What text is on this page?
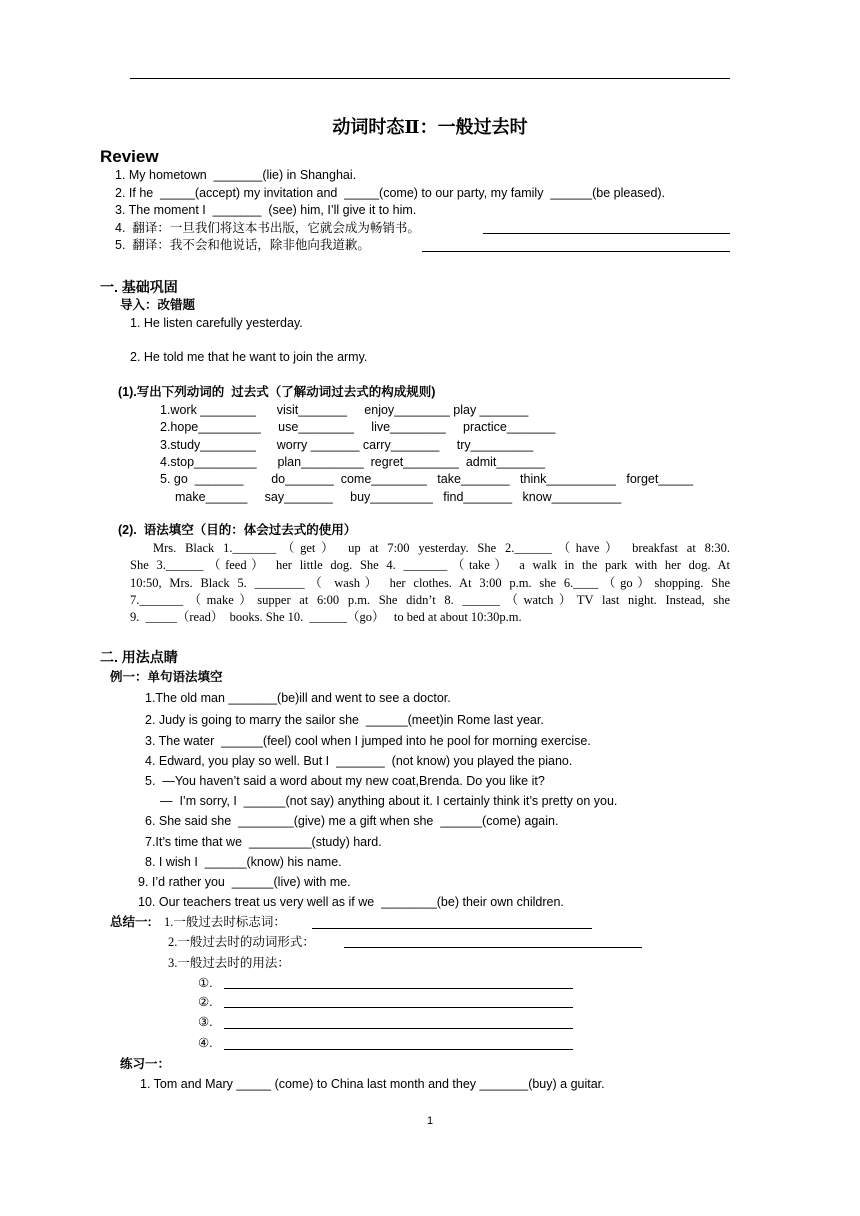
动词时态Ⅱ：一般过去时
Review
1. My hometown  _______(lie) in Shanghai.
2. If he  _____(accept) my invitation and  _____(come) to our party, my family  ______(be pleased).
3. The moment I  _______  (see) him, I’ll give it to him.
4.  翻译：一旦我们将这本书出版，它就会成为畅销书。
5.  翻译：我不会和他说话，除非他向我道歉。
一. 基础巩固
导入：改错题
1. He listen carefully yesterday.
2. He told me that he want to join the army.
(1).写出下列动词的  过去式（了解动词过去式的构成规则)
1.work ________      visit_______     enjoy________ play _______
2.hope_________     use________     live________     practice_______
3.study________      worry _______ carry_______     try_________
4.stop_________      plan_________  regret________  admit_______
5. go  _______        do_______  come________   take_______   think__________   forget_____
make______     say_______     buy_________   find_______   know__________
(2).  语法填空（目的：体会过去式的使用）
Mrs. Black 1._______（get） up at 7:00 yesterday. She 2.______（have） breakfast at 8:30.
She 3.______（feed） her little dog. She 4. _______（take） a walk in the park with her dog. At
10:50, Mrs. Black 5. ________（ wash） her clothes. At 3:00 p.m. she 6.____（go）shopping. She
7._______（make）supper at 6:00 p.m. She didn’t 8. ______（watch）TV last night. Instead, she
9.  _____（read）  books. She 10.  ______（go）   to bed at about 10:30p.m.
二. 用法点睛
例一：单句语法填空
1.The old man _______(be)ill and went to see a doctor.
2. Judy is going to marry the sailor she  ______(meet)in Rome last year.
3. The water  ______(feel) cool when I jumped into he pool for morning exercise.
4. Edward, you play so well. But I  _______  (not know) you played the piano.
5.  —You haven’t said a word about my new coat,Brenda. Do you like it?
—  I’m sorry, I  ______(not say) anything about it. I certainly think it’s pretty on you.
6. She said she  ________(give) me a gift when she  ______(come) again.
7.It’s time that we  _________(study) hard.
8. I wish I  ______(know) his name.
9. I’d rather you  ______(live) with me.
10. Our teachers treat us very well as if we  ________(be) their own children.
总结一: 1.一般过去时标志词：
2.一般过去时的动词形式：
3.一般过去时的用法：
①.
②.
③.
④.
练习一：
1. Tom and Mary _____ (come) to China last month and they _______(buy) a guitar.
1
